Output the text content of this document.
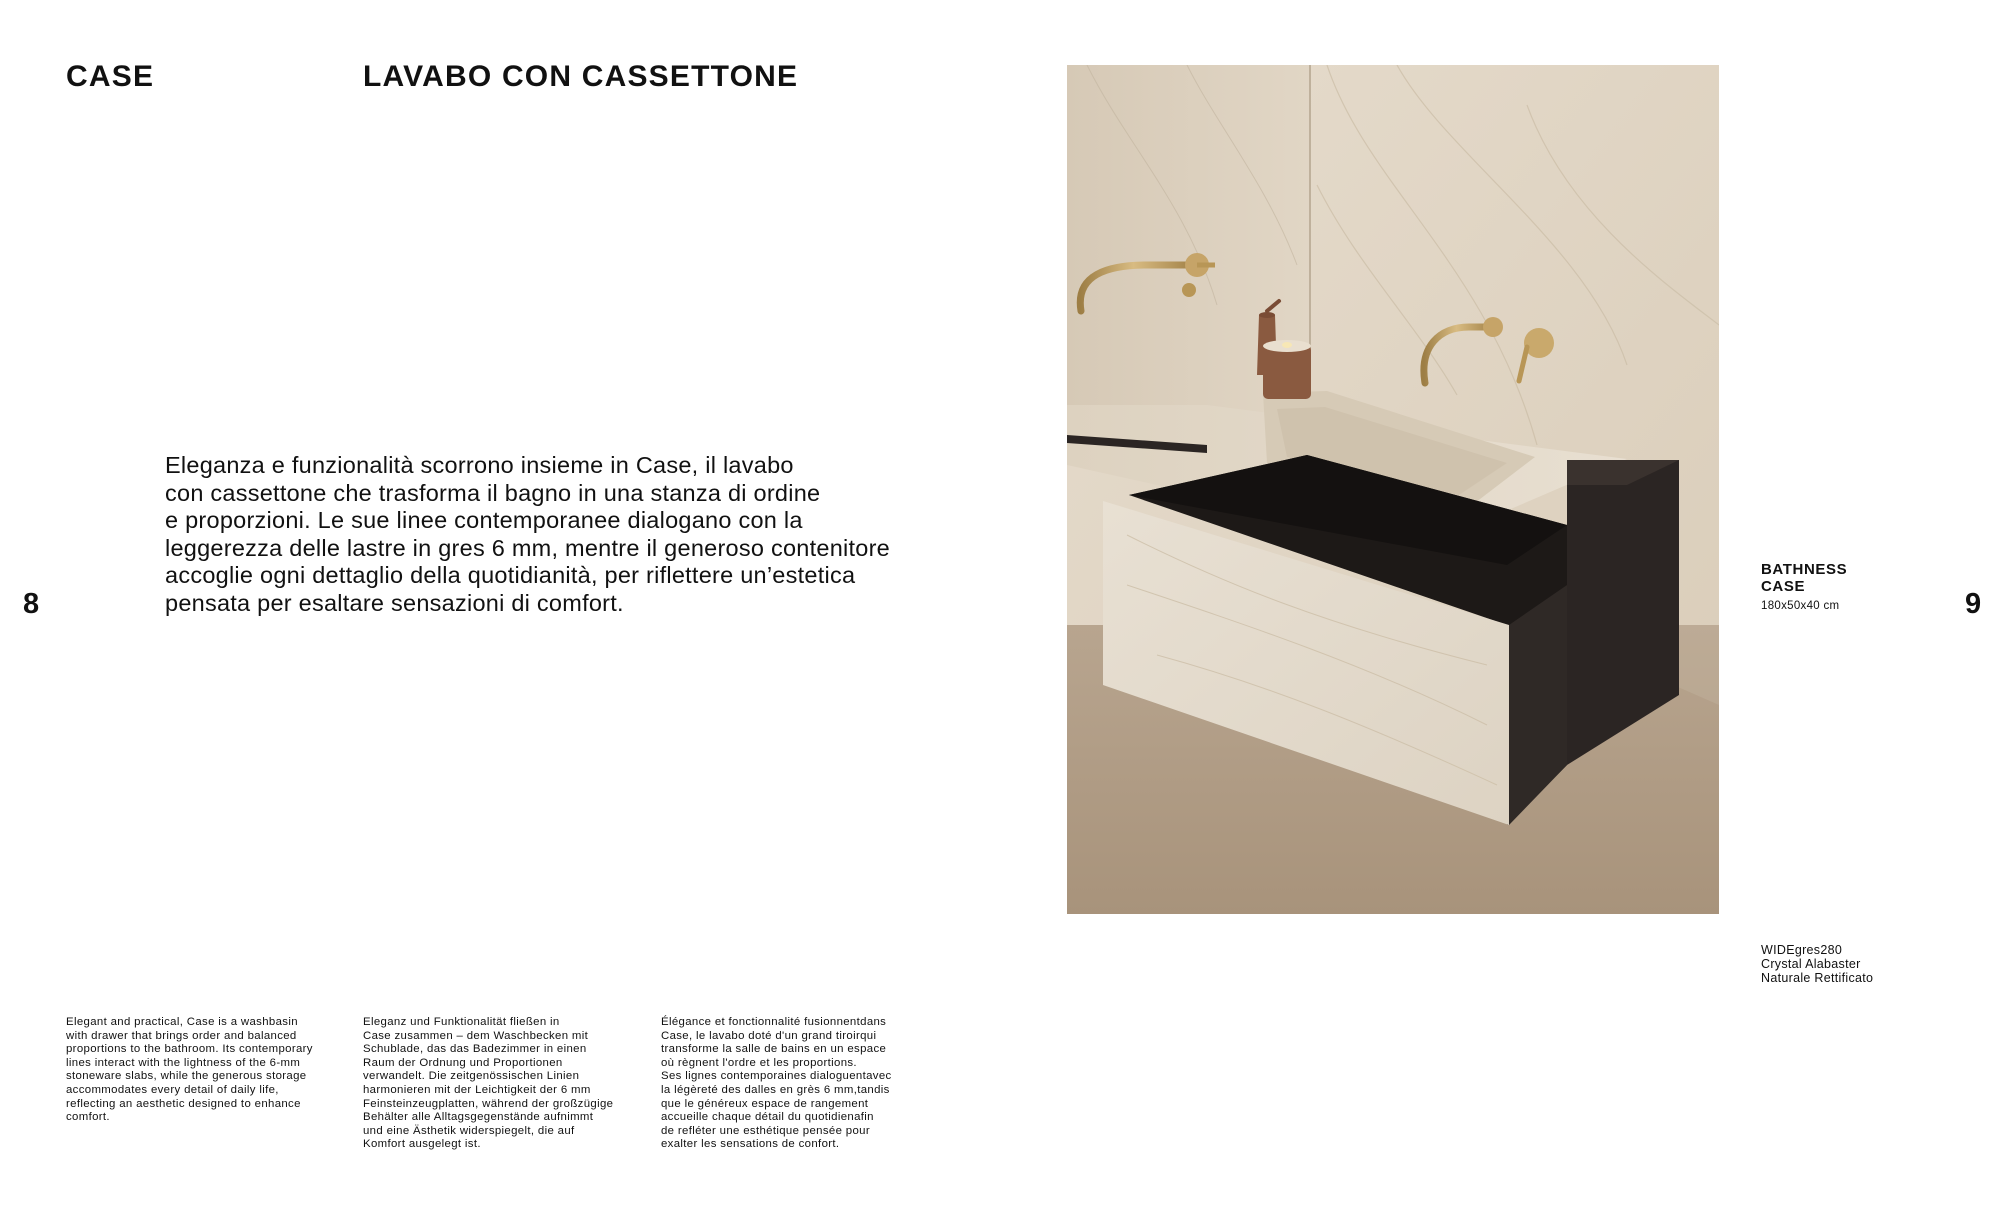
CASE	LAVABO CON CASSETTONE
8	9
Eleganza e funzionalità scorrono insieme in Case, il lavabo
con cassettone che trasforma il bagno in una stanza di ordine
e proporzioni. Le sue linee contemporanee dialogano con la
leggerezza delle lastre in gres 6 mm, mentre il generoso contenitore
accoglie ogni dettaglio della quotidianità, per riflettere un’estetica
pensata per esaltare sensazioni di comfort.
Elegant and practical, Case is a washbasin
with drawer that brings order and balanced
proportions to the bathroom. Its contemporary
lines interact with the lightness of the 6-mm
stoneware slabs, while the generous storage
accommodates every detail of daily life,
reflecting an aesthetic designed to enhance
comfort.
Eleganz und Funktionalität fließen in
Case zusammen – dem Waschbecken mit
Schublade, das das Badezimmer in einen
Raum der Ordnung und Proportionen
verwandelt. Die zeitgenössischen Linien
harmonieren mit der Leichtigkeit der 6 mm
Feinsteinzeugplatten, während der großzügige
Behälter alle Alltagsgegenstände aufnimmt
und eine Ästhetik widerspiegelt, die auf
Komfort ausgelegt ist.
Élégance et fonctionnalité fusionnentdans
Case, le lavabo doté d'un grand tiroirqui
transforme la salle de bains en un espace
où règnent l'ordre et les proportions.
Ses lignes contemporaines dialoguentavec
la légèreté des dalles en grès 6 mm,tandis
que le généreux espace de rangement
accueille chaque détail du quotidienafin
de refléter une esthétique pensée pour
exalter les sensations de confort.
BATHNESS
CASE
180x50x40 cm
WIDEgres280
Crystal Alabaster
Naturale Rettificato
